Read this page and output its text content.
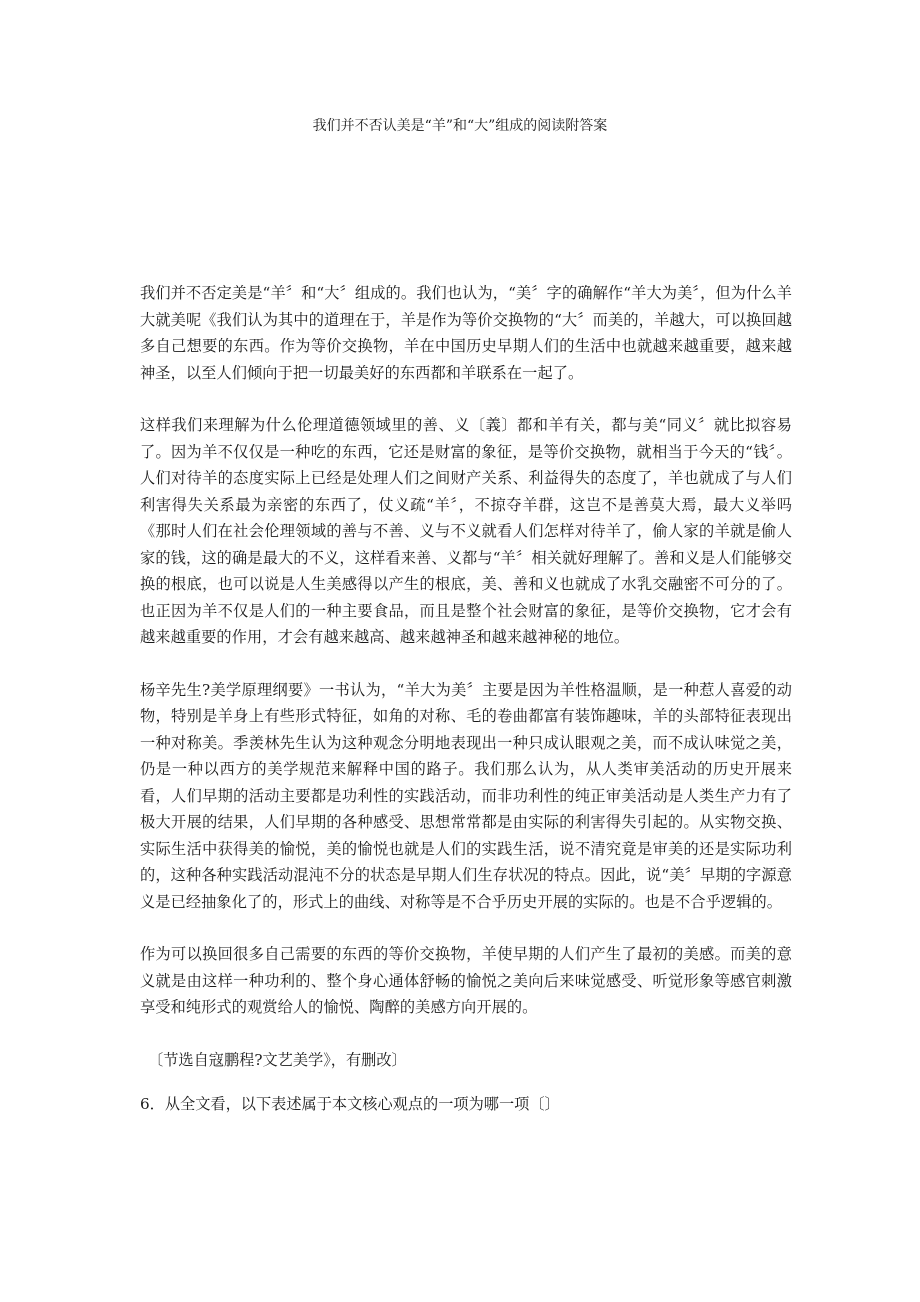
我们并不否认美是“羊”和“大”组成的阅读附答案

我们并不否定美是“羊〞和“大〞组成的。我们也认为，“美〞字的确解作“羊大为美〞，但为什么羊大就美呢《我们认为其中的道理在于，羊是作为等价交换物的“大〞而美的，羊越大，可以换回越多自己想要的东西。作为等价交换物，羊在中国历史早期人们的生活中也就越来越重要，越来越神圣，以至人们倾向于把一切最美好的东西都和羊联系在一起了。

这样我们来理解为什么伦理道德领域里的善、义〔義〕都和羊有关，都与美“同义〞就比拟容易了。因为羊不仅仅是一种吃的东西，它还是财富的象征，是等价交换物，就相当于今天的“钱〞。人们对待羊的态度实际上已经是处理人们之间财产关系、利益得失的态度了，羊也就成了与人们利害得失关系最为亲密的东西了，仗义疏“羊〞，不掠夺羊群，这岂不是善莫大焉，最大义举吗《那时人们在社会伦理领域的善与不善、义与不义就看人们怎样对待羊了，偷人家的羊就是偷人家的钱，这的确是最大的不义，这样看来善、义都与“羊〞相关就好理解了。善和义是人们能够交换的根底，也可以说是人生美感得以产生的根底，美、善和义也就成了水乳交融密不可分的了。也正因为羊不仅是人们的一种主要食品，而且是整个社会财富的象征，是等价交换物，它才会有越来越重要的作用，才会有越来越高、越来越神圣和越来越神秘的地位。

杨辛先生?美学原理纲要》一书认为，“羊大为美〞主要是因为羊性格温顺，是一种惹人喜爱的动物，特别是羊身上有些形式特征，如角的对称、毛的卷曲都富有装饰趣味，羊的头部特征表现出一种对称美。季羡林先生认为这种观念分明地表现出一种只成认眼观之美，而不成认味觉之美，仍是一种以西方的美学规范来解释中国的路子。我们那么认为，从人类审美活动的历史开展来看，人们早期的活动主要都是功利性的实践活动，而非功利性的纯正审美活动是人类生产力有了极大开展的结果，人们早期的各种感受、思想常常都是由实际的利害得失引起的。从实物交换、实际生活中获得美的愉悦，美的愉悦也就是人们的实践生活，说不清究竟是审美的还是实际功利的，这种各种实践活动混沌不分的状态是早期人们生存状况的特点。因此，说“美〞早期的字源意义是已经抽象化了的，形式上的曲线、对称等是不合乎历史开展的实际的。也是不合乎逻辑的。

作为可以换回很多自己需要的东西的等价交换物，羊使早期的人们产生了最初的美感。而美的意义就是由这样一种功利的、整个身心通体舒畅的愉悦之美向后来味觉感受、听觉形象等感官刺激享受和纯形式的观赏给人的愉悦、陶醉的美感方向开展的。

〔节选自寇鹏程?文艺美学》，有删改〕

6．从全文看，以下表述属于本文核心观点的一项为哪一项〔〕
